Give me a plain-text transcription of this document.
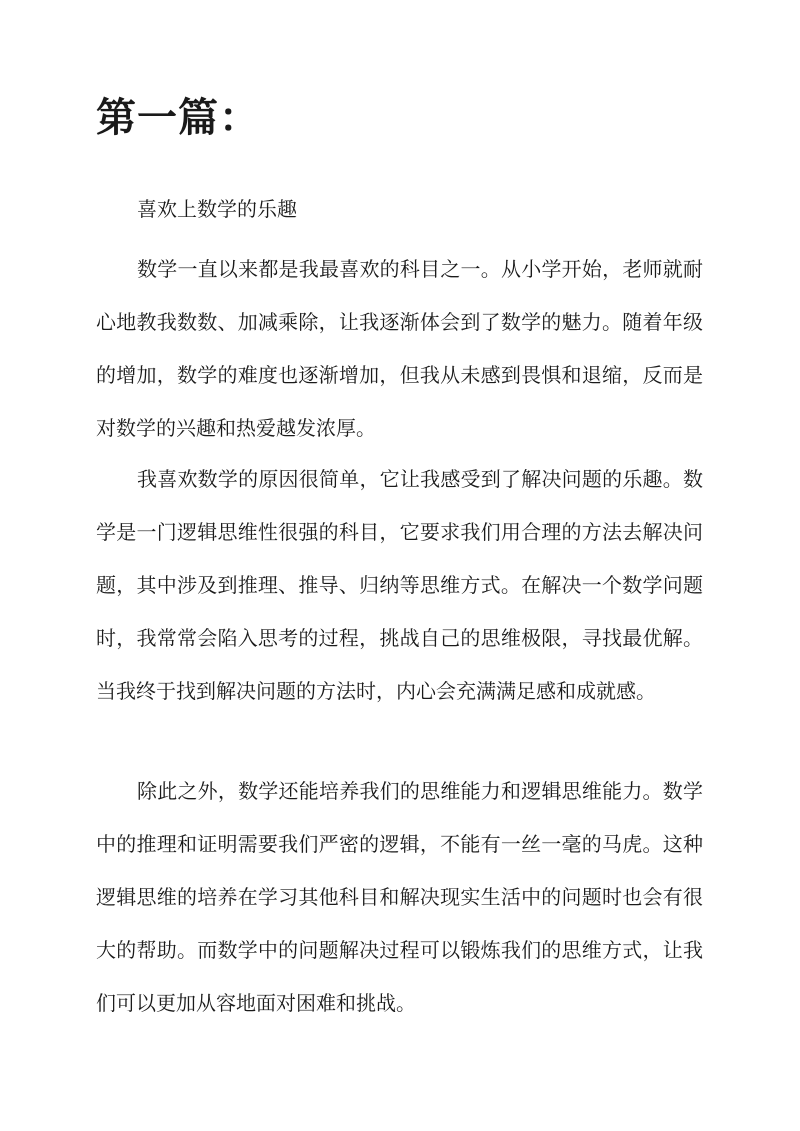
第一篇：

喜欢上数学的乐趣

数学一直以来都是我最喜欢的科目之一。从小学开始，老师就耐心地教我数数、加减乘除，让我逐渐体会到了数学的魅力。随着年级的增加，数学的难度也逐渐增加，但我从未感到畏惧和退缩，反而是对数学的兴趣和热爱越发浓厚。

我喜欢数学的原因很简单，它让我感受到了解决问题的乐趣。数学是一门逻辑思维性很强的科目，它要求我们用合理的方法去解决问题，其中涉及到推理、推导、归纳等思维方式。在解决一个数学问题时，我常常会陷入思考的过程，挑战自己的思维极限，寻找最优解。当我终于找到解决问题的方法时，内心会充满满足感和成就感。

除此之外，数学还能培养我们的思维能力和逻辑思维能力。数学中的推理和证明需要我们严密的逻辑，不能有一丝一毫的马虎。这种逻辑思维的培养在学习其他科目和解决现实生活中的问题时也会有很大的帮助。而数学中的问题解决过程可以锻炼我们的思维方式，让我们可以更加从容地面对困难和挑战。
